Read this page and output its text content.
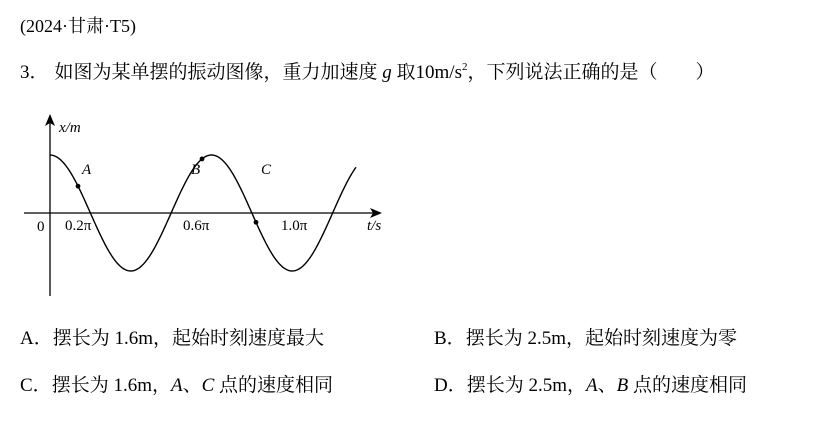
(2024·甘肃·T5)
3． 如图为某单摆的振动图像，重力加速度 g 取$10m/s^2$，下列说法正确的是（　　）
x/m
t/s
0 0.2π	0.6π	1.0π
A	B	C
A．摆长为 1.6m，起始时刻速度最大	B．摆长为 2.5m，起始时刻速度为零
C．摆长为 1.6m，A、C 点的速度相同	D．摆长为 2.5m，A、B 点的速度相同
